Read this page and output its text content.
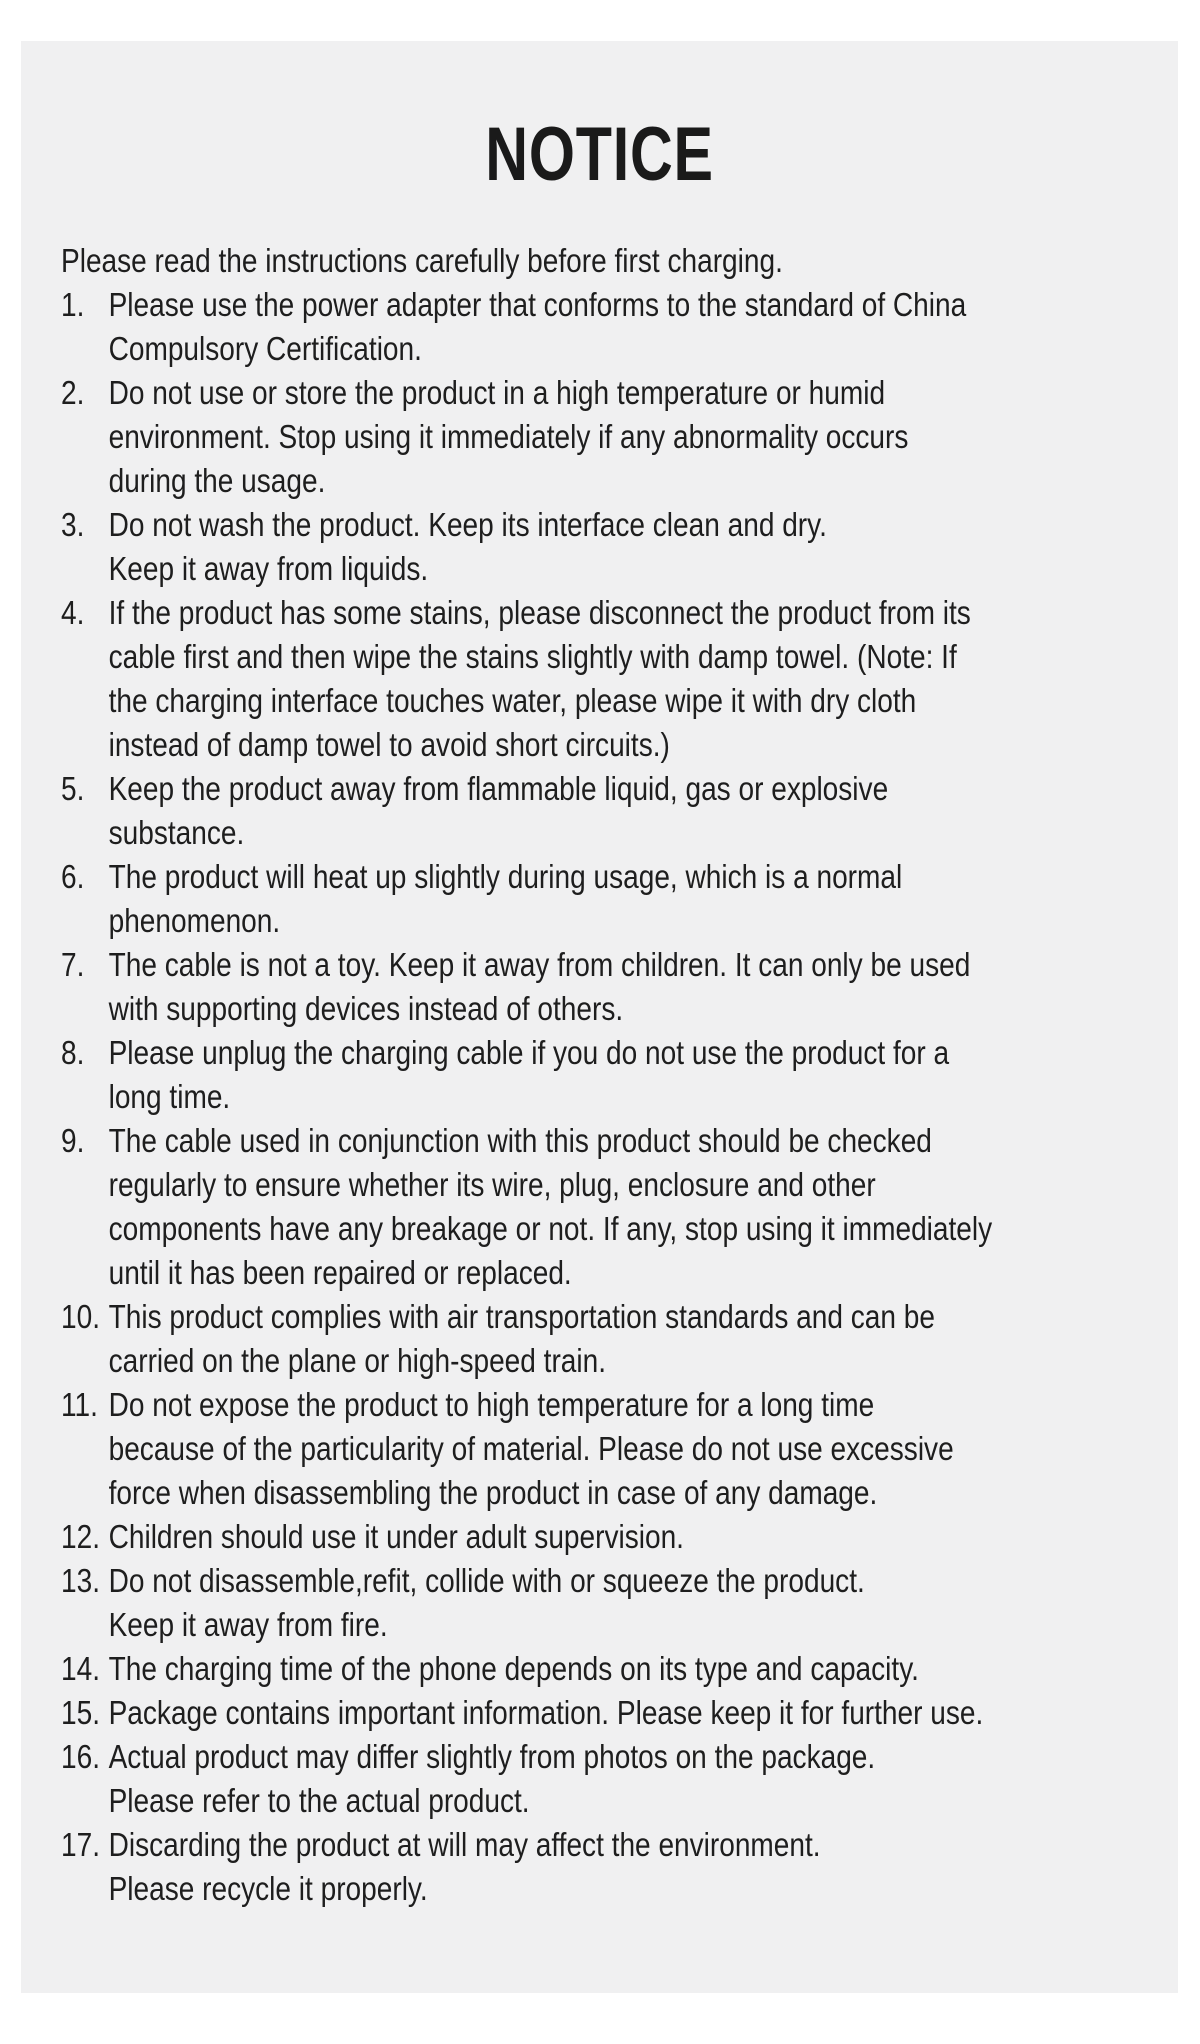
NOTICE

Please read the instructions carefully before first charging.

1. Please use the power adapter that conforms to the standard of China
Compulsory Certification.
2. Do not use or store the product in a high temperature or humid
environment. Stop using it immediately if any abnormality occurs
during the usage.
3. Do not wash the product. Keep its interface clean and dry.
Keep it away from liquids.
4. If the product has some stains, please disconnect the product from its
cable first and then wipe the stains slightly with damp towel. (Note: If
the charging interface touches water, please wipe it with dry cloth
instead of damp towel to avoid short circuits.)
5. Keep the product away from flammable liquid, gas or explosive
substance.
6. The product will heat up slightly during usage, which is a normal
phenomenon.
7. The cable is not a toy. Keep it away from children. It can only be used
with supporting devices instead of others.
8. Please unplug the charging cable if you do not use the product for a
long time.
9. The cable used in conjunction with this product should be checked
regularly to ensure whether its wire, plug, enclosure and other
components have any breakage or not. If any, stop using it immediately
until it has been repaired or replaced.
10. This product complies with air transportation standards and can be
carried on the plane or high-speed train.
11. Do not expose the product to high temperature for a long time
because of the particularity of material. Please do not use excessive
force when disassembling the product in case of any damage.
12. Children should use it under adult supervision.
13. Do not disassemble,refit, collide with or squeeze the product.
Keep it away from fire.
14. The charging time of the phone depends on its type and capacity.
15. Package contains important information. Please keep it for further use.
16. Actual product may differ slightly from photos on the package.
Please refer to the actual product.
17. Discarding the product at will may affect the environment.
Please recycle it properly.
